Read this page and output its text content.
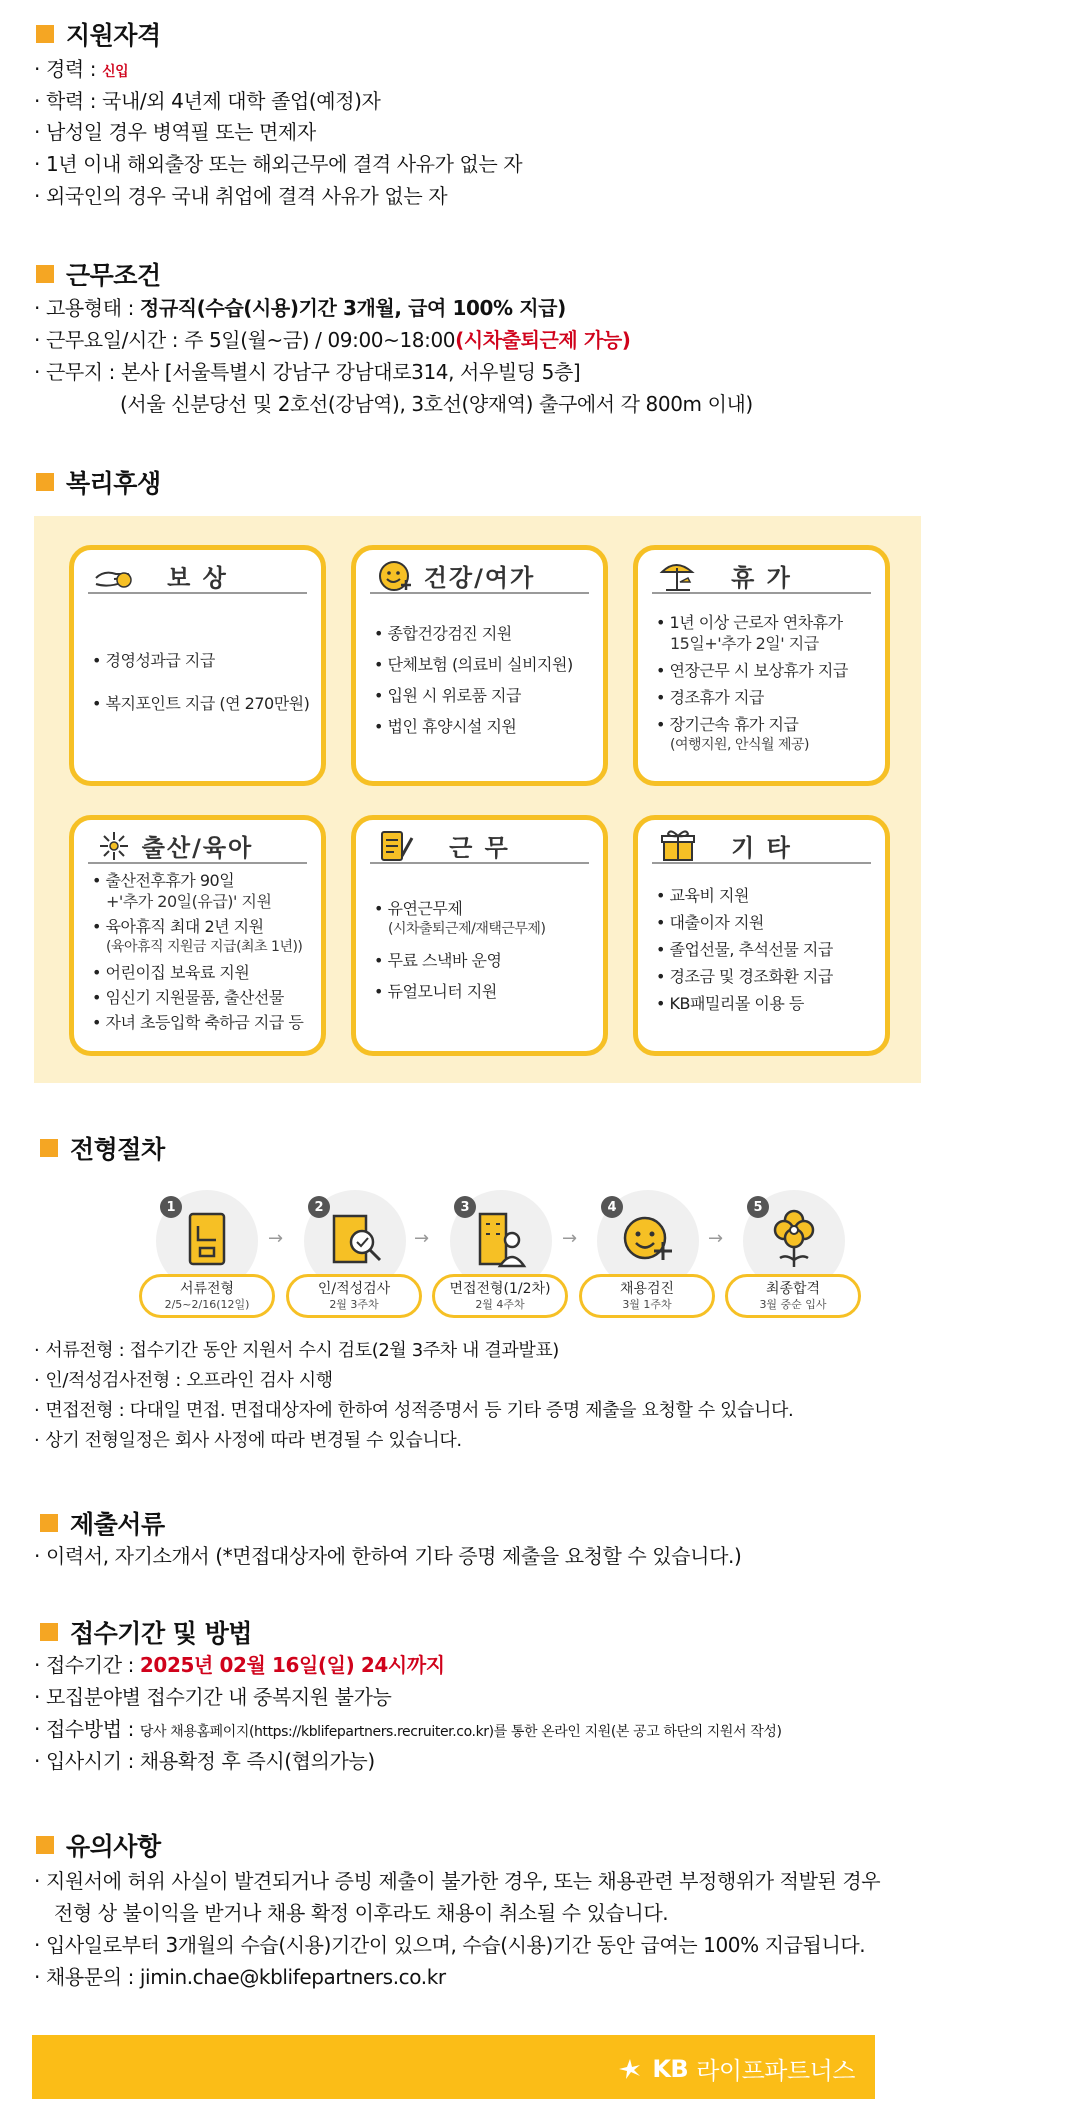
지원자격
· 경력 : 신입
· 학력 : 국내/외 4년제 대학 졸업(예정)자
· 남성일 경우 병역필 또는 면제자
· 1년 이내 해외출장 또는 해외근무에 결격 사유가 없는 자
· 외국인의 경우 국내 취업에 결격 사유가 없는 자
근무조건
· 고용형태 : 정규직(수습(시용)기간 3개월, 급여 100% 지급)
· 근무요일/시간 : 주 5일(월~금) / 09:00~18:00(시차출퇴근제 가능)
· 근무지 : 본사 [서울특별시 강남구 강남대로314, 서우빌딩 5층]
(서울 신분당선 및 2호선(강남역), 3호선(양재역) 출구에서 각 800m 이내)
복리후생
보 상
• 경영성과급 지급
• 복지포인트 지급 (연 270만원)
건강/여가
• 종합건강검진 지원
• 단체보험 (의료비 실비지원)
• 입원 시 위로품 지급
• 법인 휴양시설 지원
휴 가
• 1년 이상 근로자 연차휴가
15일+'추가 2일' 지급
• 연장근무 시 보상휴가 지급
• 경조휴가 지급
• 장기근속 휴가 지급
(여행지원, 안식월 제공)
출산/육아
• 출산전후휴가 90일
+'추가 20일(유급)' 지원
• 육아휴직 최대 2년 지원
(육아휴직 지원금 지급(최초 1년))
• 어린이집 보육료 지원
• 임신기 지원물품, 출산선물
• 자녀 초등입학 축하금 지급 등
근 무
• 유연근무제
(시차출퇴근제/재택근무제)
• 무료 스낵바 운영
• 듀얼모니터 지원
기 타
• 교육비 지원
• 대출이자 지원
• 졸업선물, 추석선물 지급
• 경조금 및 경조화환 지급
• KB패밀리몰 이용 등
전형절차
1
서류전형
2/5~2/16(12일)
→
2
인/적성검사
2월 3주차
→
3
면접전형(1/2차)
2월 4주차
→
4
채용검진
3월 1주차
→
5
최종합격
3월 중순 입사
· 서류전형 : 접수기간 동안 지원서 수시 검토(2월 3주차 내 결과발표)
· 인/적성검사전형 : 오프라인 검사 시행
· 면접전형 : 다대일 면접. 면접대상자에 한하여 성적증명서 등 기타 증명 제출을 요청할 수 있습니다.
· 상기 전형일정은 회사 사정에 따라 변경될 수 있습니다.
제출서류
· 이력서, 자기소개서 (*면접대상자에 한하여 기타 증명 제출을 요청할 수 있습니다.)
접수기간 및 방법
· 접수기간 : 2025년 02월 16일(일) 24시까지
· 모집분야별 접수기간 내 중복지원 불가능
· 접수방법 : 당사 채용홈페이지(https://kblifepartners.recruiter.co.kr)를 통한 온라인 지원(본 공고 하단의 지원서 작성)
· 입사시기 : 채용확정 후 즉시(협의가능)
유의사항
· 지원서에 허위 사실이 발견되거나 증빙 제출이 불가한 경우, 또는 채용관련 부정행위가 적발된 경우
전형 상 불이익을 받거나 채용 확정 이후라도 채용이 취소될 수 있습니다.
· 입사일로부터 3개월의 수습(시용)기간이 있으며, 수습(시용)기간 동안 급여는 100% 지급됩니다.
· 채용문의 : jimin.chae@kblifepartners.co.kr
KB 라이프파트너스
